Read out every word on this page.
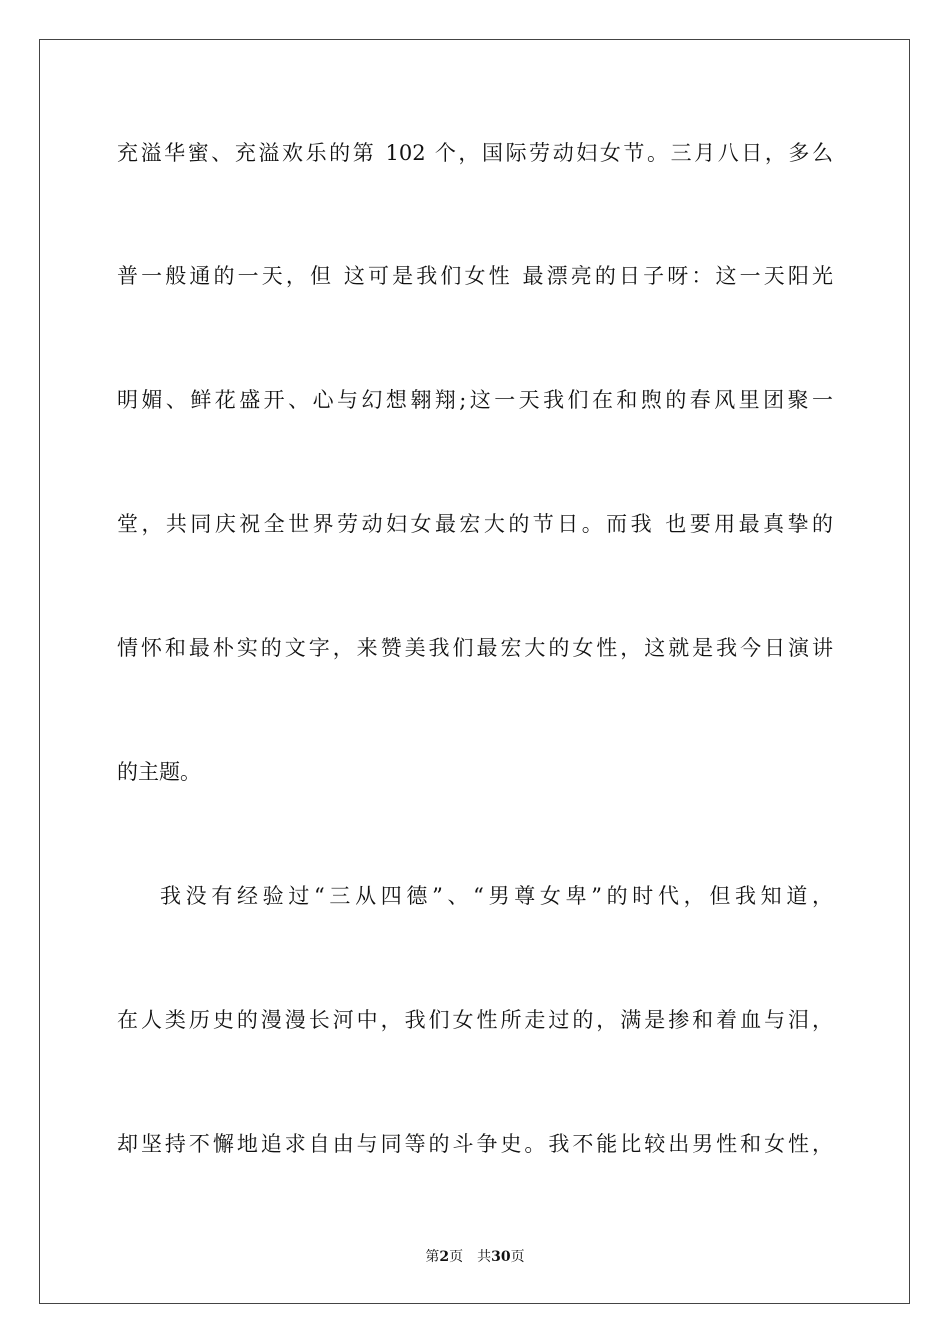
充溢华蜜、充溢欢乐的第 102 个，国际劳动妇女节。三月八日，多么
普一般通的一天，但 这可是我们女性 最漂亮的日子呀：这一天阳光
明媚、鲜花盛开、心与幻想翱翔;这一天我们在和煦的春风里团聚一
堂，共同庆祝全世界劳动妇女最宏大的节日。而我 也要用最真挚的
情怀和最朴实的文字，来赞美我们最宏大的女性，这就是我今日演讲
的主题。
我没有经验过“三从四德”、“男尊女卑”的时代，但我知道，
在人类历史的漫漫长河中，我们女性所走过的，满是掺和着血与泪，
却坚持不懈地追求自由与同等的斗争史。我不能比较出男性和女性，
第2页 共30页
